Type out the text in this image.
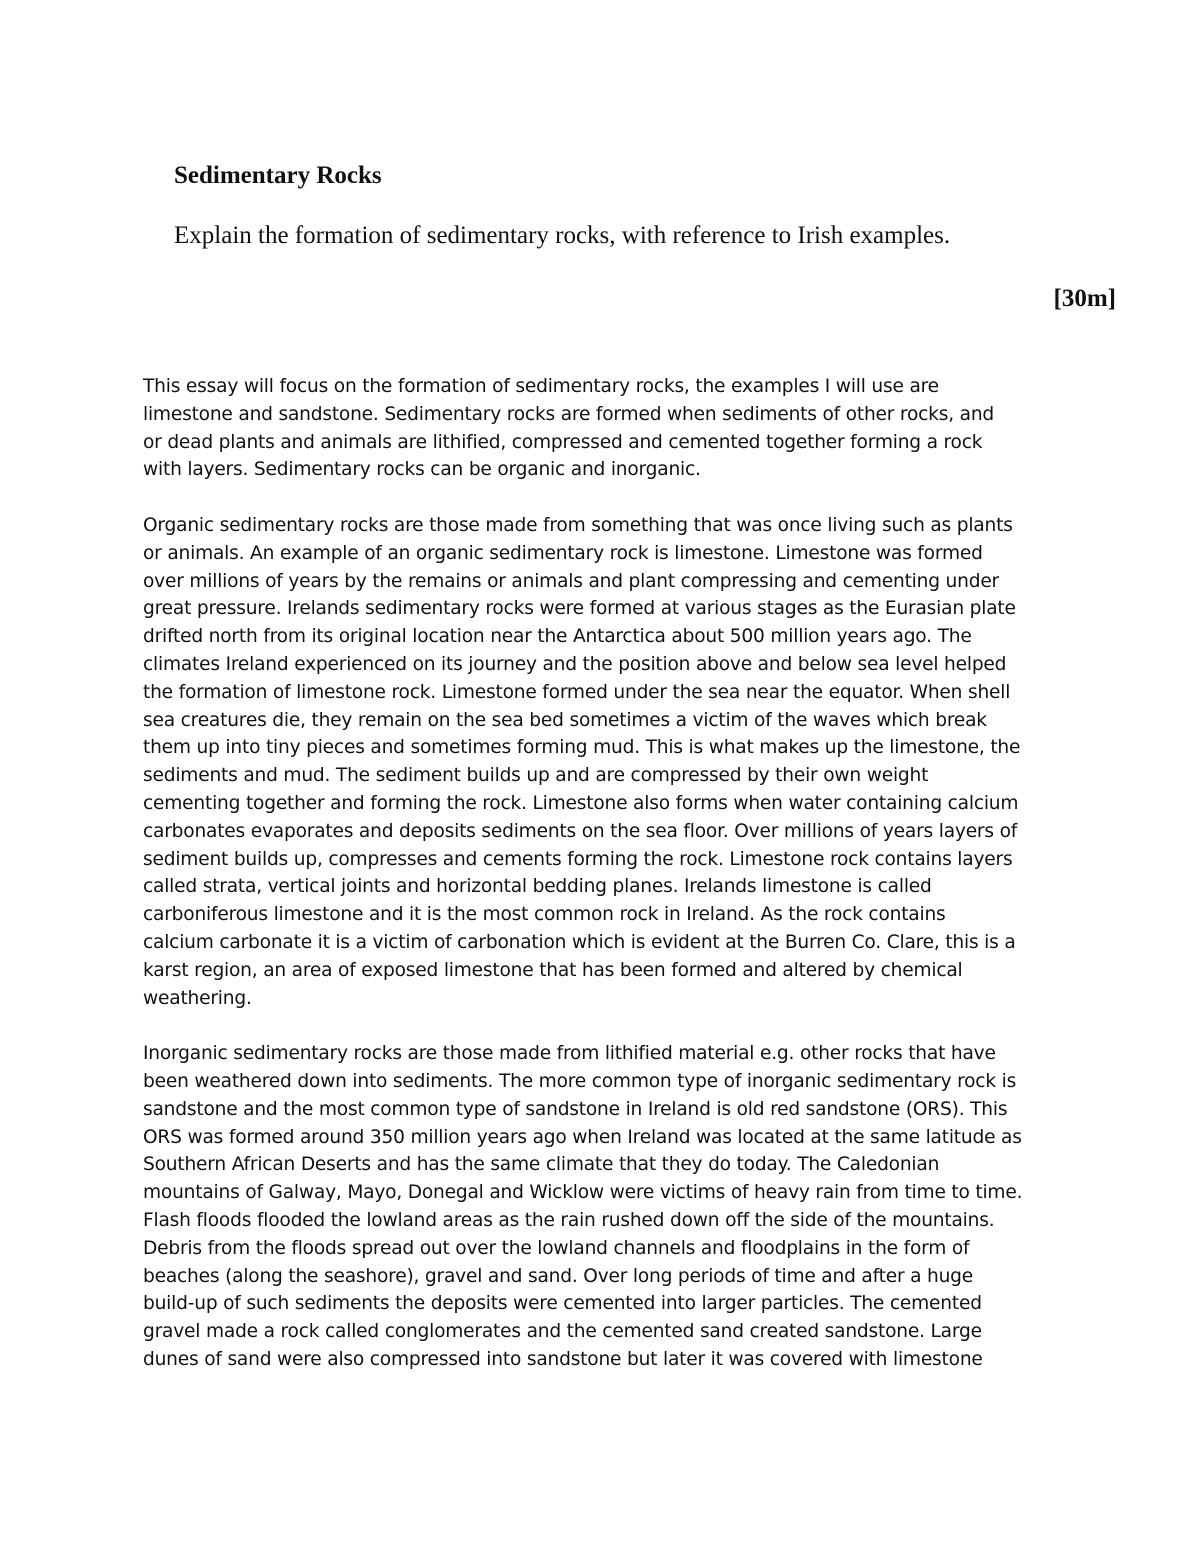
Sedimentary Rocks

Explain the formation of sedimentary rocks, with reference to Irish examples.

[30m]

This essay will focus on the formation of sedimentary rocks, the examples I will use are
limestone and sandstone. Sedimentary rocks are formed when sediments of other rocks, and
or dead plants and animals are lithified, compressed and cemented together forming a rock
with layers. Sedimentary rocks can be organic and inorganic.
Organic sedimentary rocks are those made from something that was once living such as plants
or animals. An example of an organic sedimentary rock is limestone. Limestone was formed
over millions of years by the remains or animals and plant compressing and cementing under
great pressure. Irelands sedimentary rocks were formed at various stages as the Eurasian plate
drifted north from its original location near the Antarctica about 500 million years ago. The
climates Ireland experienced on its journey and the position above and below sea level helped
the formation of limestone rock. Limestone formed under the sea near the equator. When shell
sea creatures die, they remain on the sea bed sometimes a victim of the waves which break
them up into tiny pieces and sometimes forming mud. This is what makes up the limestone, the
sediments and mud. The sediment builds up and are compressed by their own weight
cementing together and forming the rock. Limestone also forms when water containing calcium
carbonates evaporates and deposits sediments on the sea floor. Over millions of years layers of
sediment builds up, compresses and cements forming the rock. Limestone rock contains layers
called strata, vertical joints and horizontal bedding planes. Irelands limestone is called
carboniferous limestone and it is the most common rock in Ireland. As the rock contains
calcium carbonate it is a victim of carbonation which is evident at the Burren Co. Clare, this is a
karst region, an area of exposed limestone that has been formed and altered by chemical
weathering.
Inorganic sedimentary rocks are those made from lithified material e.g. other rocks that have
been weathered down into sediments. The more common type of inorganic sedimentary rock is
sandstone and the most common type of sandstone in Ireland is old red sandstone (ORS). This
ORS was formed around 350 million years ago when Ireland was located at the same latitude as
Southern African Deserts and has the same climate that they do today. The Caledonian
mountains of Galway, Mayo, Donegal and Wicklow were victims of heavy rain from time to time.
Flash floods flooded the lowland areas as the rain rushed down off the side of the mountains.
Debris from the floods spread out over the lowland channels and floodplains in the form of
beaches (along the seashore), gravel and sand. Over long periods of time and after a huge
build-up of such sediments the deposits were cemented into larger particles. The cemented
gravel made a rock called conglomerates and the cemented sand created sandstone. Large
dunes of sand were also compressed into sandstone but later it was covered with limestone
